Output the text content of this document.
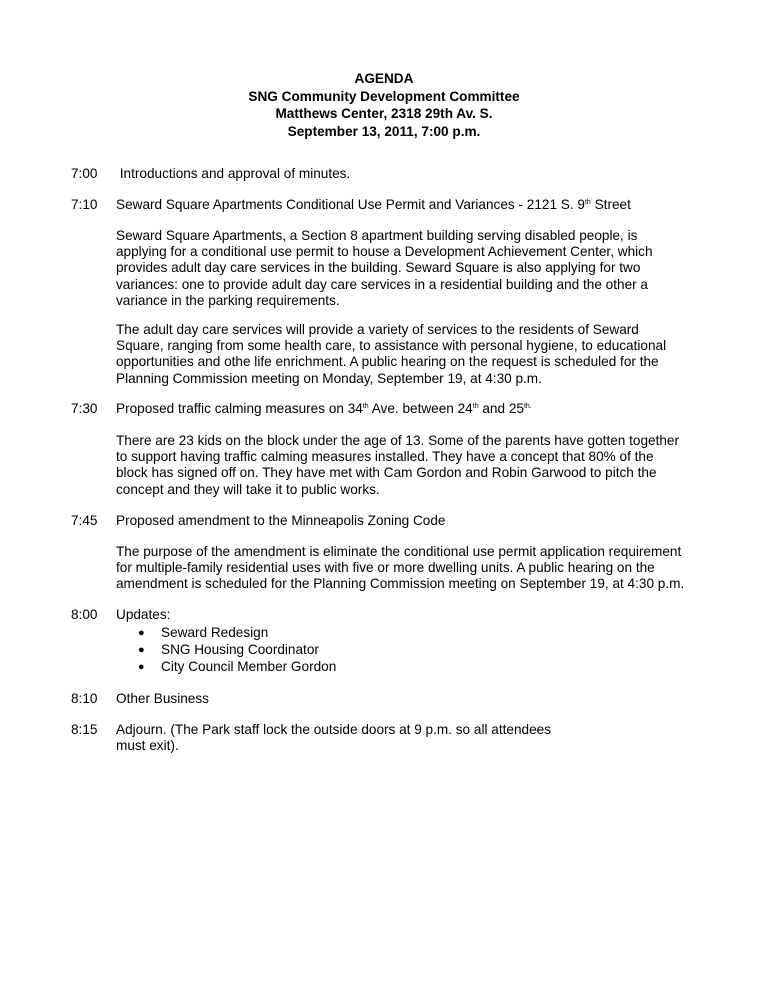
AGENDA
SNG Community Development Committee
Matthews Center, 2318 29th Av. S.
September 13, 2011, 7:00 p.m.
7:00	Introductions and approval of minutes.
7:10	Seward Square Apartments Conditional Use Permit and Variances - 2121 S. 9th Street
Seward Square Apartments, a Section 8 apartment building serving disabled people, is
applying for a conditional use permit to house a Development Achievement Center, which
provides adult day care services in the building. Seward Square is also applying for two
variances: one to provide adult day care services in a residential building and the other a
variance in the parking requirements.
The adult day care services will provide a variety of services to the residents of Seward
Square, ranging from some health care, to assistance with personal hygiene, to educational
opportunities and othe life enrichment. A public hearing on the request is scheduled for the
Planning Commission meeting on Monday, September 19, at 4:30 p.m.
7:30	Proposed traffic calming measures on 34th Ave. between 24th and $25^{th.}$
There are 23 kids on the block under the age of 13. Some of the parents have gotten together
to support having traffic calming measures installed. They have a concept that 80% of the
block has signed off on. They have met with Cam Gordon and Robin Garwood to pitch the
concept and they will take it to public works.
7:45	Proposed amendment to the Minneapolis Zoning Code
The purpose of the amendment is eliminate the conditional use permit application requirement
for multiple-family residential uses with five or more dwelling units. A public hearing on the
amendment is scheduled for the Planning Commission meeting on September 19, at 4:30 p.m.
8:00	Updates:
● Seward Redesign
● SNG Housing Coordinator
● City Council Member Gordon
8:10	Other Business
8:15	Adjourn. (The Park staff lock the outside doors at 9 p.m. so all attendees
must exit).
